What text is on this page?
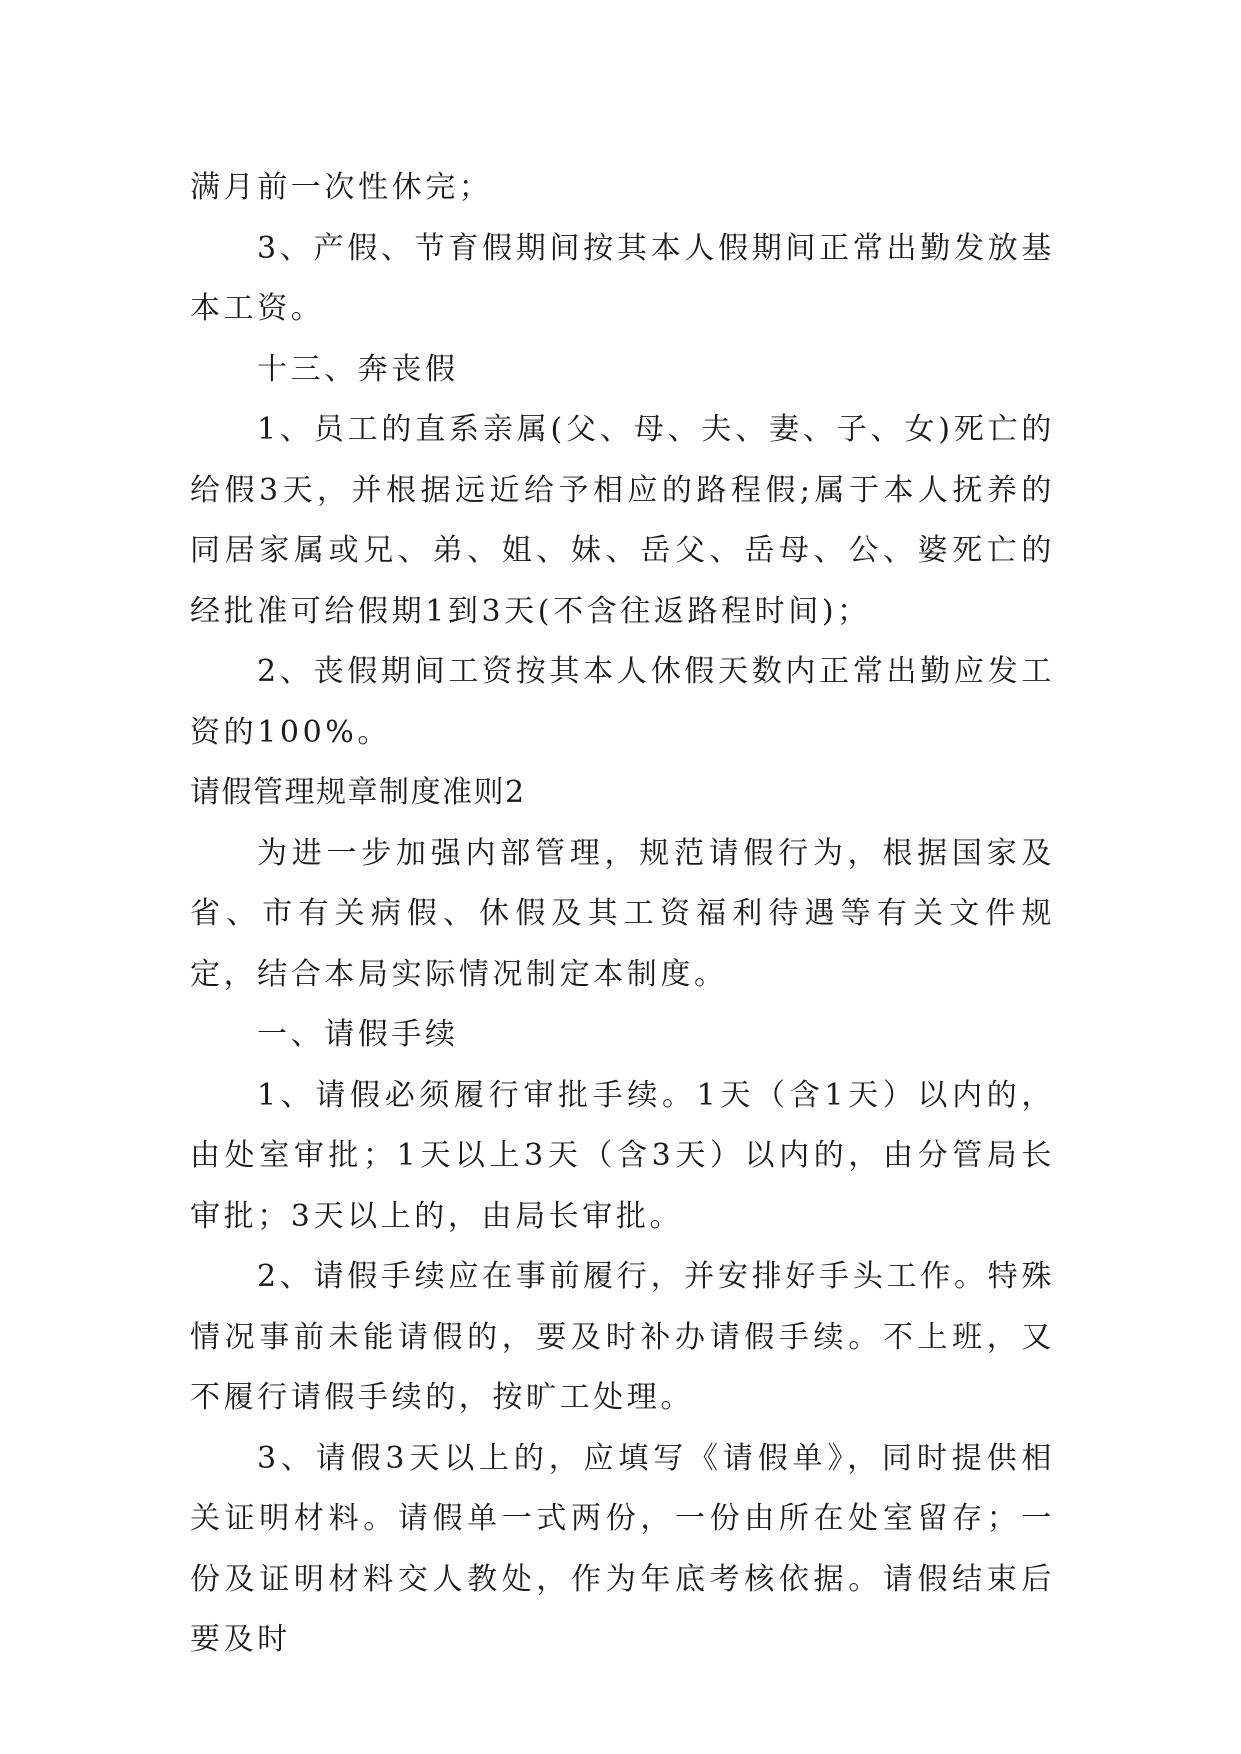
满月前一次性休完；

3、产假、节育假期间按其本人假期间正常出勤发放基本工资。

十三、奔丧假

1、员工的直系亲属(父、母、夫、妻、子、女)死亡的给假3天，并根据远近给予相应的路程假;属于本人抚养的同居家属或兄、弟、姐、妹、岳父、岳母、公、婆死亡的经批准可给假期1到3天(不含往返路程时间)；

2、丧假期间工资按其本人休假天数内正常出勤应发工资的100%。

请假管理规章制度准则2

为进一步加强内部管理，规范请假行为，根据国家及省、市有关病假、休假及其工资福利待遇等有关文件规定，结合本局实际情况制定本制度。

一、请假手续

1、请假必须履行审批手续。1天（含1天）以内的，由处室审批；1天以上3天（含3天）以内的，由分管局长审批；3天以上的，由局长审批。

2、请假手续应在事前履行，并安排好手头工作。特殊情况事前未能请假的，要及时补办请假手续。不上班，又不履行请假手续的，按旷工处理。

3、请假3天以上的，应填写《请假单》，同时提供相关证明材料。请假单一式两份，一份由所在处室留存；一份及证明材料交人教处，作为年底考核依据。请假结束后要及时
